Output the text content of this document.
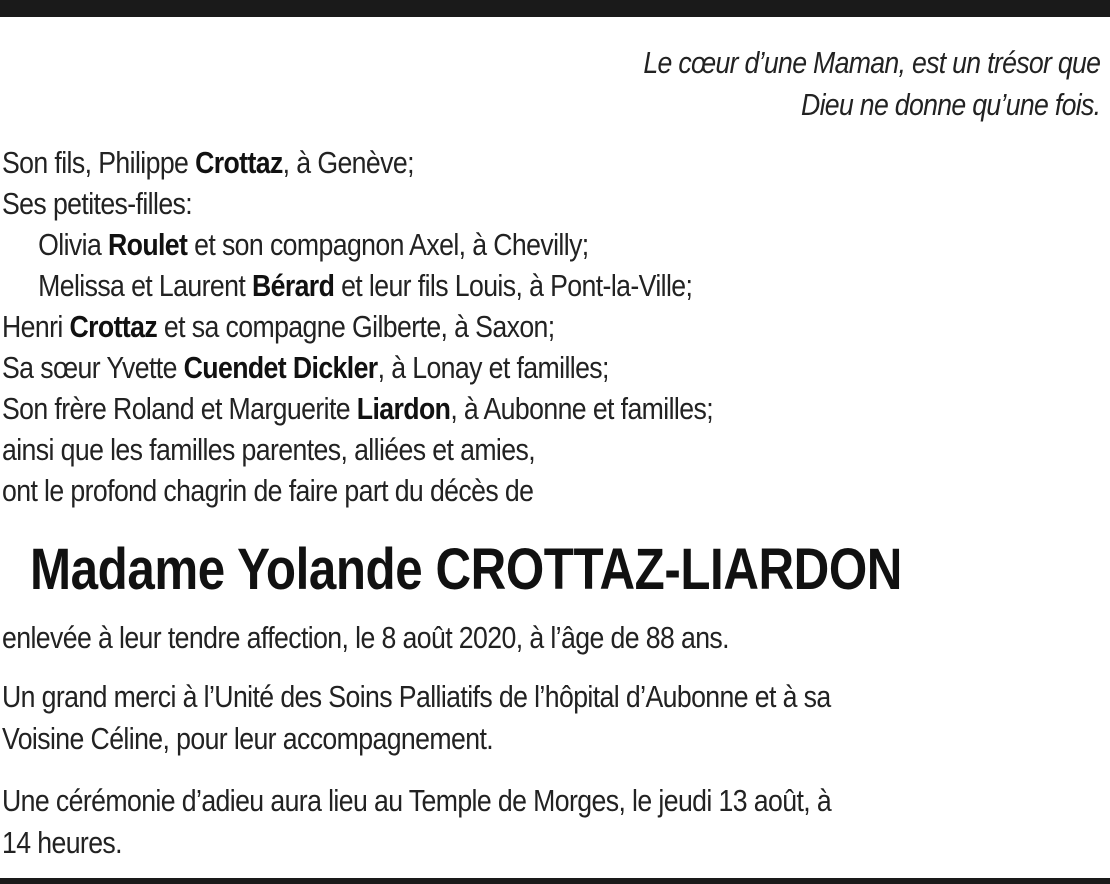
Le cœur d’une Maman, est un trésor que
Dieu ne donne qu’une fois.
Son fils, Philippe Crottaz, à Genève;
Ses petites-filles:
Olivia Roulet et son compagnon Axel, à Chevilly;
Melissa et Laurent Bérard et leur fils Louis, à Pont-la-Ville;
Henri Crottaz et sa compagne Gilberte, à Saxon;
Sa sœur Yvette Cuendet Dickler, à Lonay et familles;
Son frère Roland et Marguerite Liardon, à Aubonne et familles;
ainsi que les familles parentes, alliées et amies,
ont le profond chagrin de faire part du décès de
Madame Yolande CROTTAZ-LIARDON
enlevée à leur tendre affection, le 8 août 2020, à l’âge de 88 ans.
Un grand merci à l’Unité des Soins Palliatifs de l’hôpital d’Aubonne et à sa
Voisine Céline, pour leur accompagnement.
Une cérémonie d’adieu aura lieu au Temple de Morges, le jeudi 13 août, à
14 heures.
